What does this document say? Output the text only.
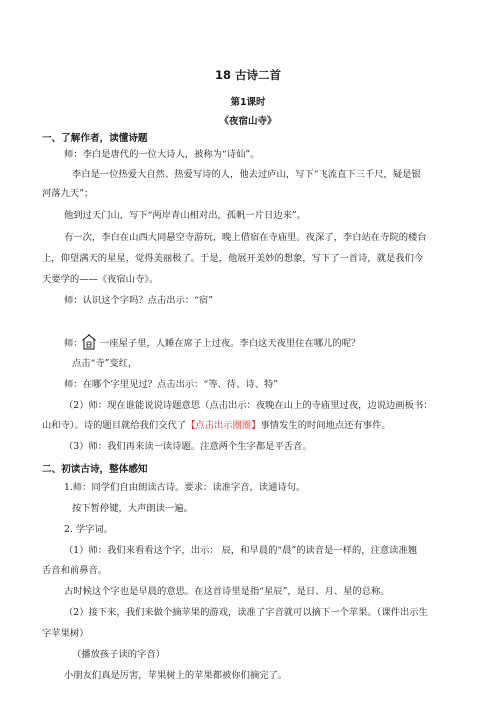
18 古诗二首
第1课时
《夜宿山寺》
一、了解作者，读懂诗题
师：李白是唐代的一位大诗人，被称为“诗仙”。
李白是一位热爱大自然、热爱写诗的人，他去过庐山，写下“飞流直下三千尺，疑是银
河落九天”；
他到过天门山，写下“两岸青山相对出，孤帆一片日边来”。
有一次，李白在山西大同悬空寺游玩，晚上借宿在寺庙里。夜深了，李白站在寺院的楼台
上，仰望满天的星星，觉得美丽极了。于是，他展开美妙的想象，写下了一首诗，就是我们今
天要学的——《夜宿山寺》。
师：认识这个字吗？点击出示：“宿”
师： 一座屋子里，人睡在席子上过夜。李白这天夜里住在哪儿的呢？
点击“寺”变红，
师：在哪个字里见过？点击出示：“等、待、诗、特”
（2）师：现在谁能说说诗题意思（点击出示：夜晚在山上的寺庙里过夜，边说边画板书：
山和寺）。诗的题目就给我们交代了【点击出示圈圈】事情发生的时间地点还有事件。
（3）师：我们再来读一读诗题。注意两个生字都是平舌音。
二、初读古诗，整体感知
1.师：同学们自由朗读古诗。要求：读准字音，读通诗句。
按下暂停键，大声朗读一遍。
2. 学字词。
（1）师：我们来看看这个字，出示： 辰，和早晨的“晨”的读音是一样的，注意读准翘
舌音和前鼻音。
古时候这个字也是早晨的意思。在这首诗里是指“星辰”，是日、月、星的总称。
（2）接下来，我们来做个摘苹果的游戏，读准了字音就可以摘下一个苹果。（课件出示生
字苹果树）
（播放孩子读的字音）
小朋友们真是厉害，苹果树上的苹果都被你们摘完了。
